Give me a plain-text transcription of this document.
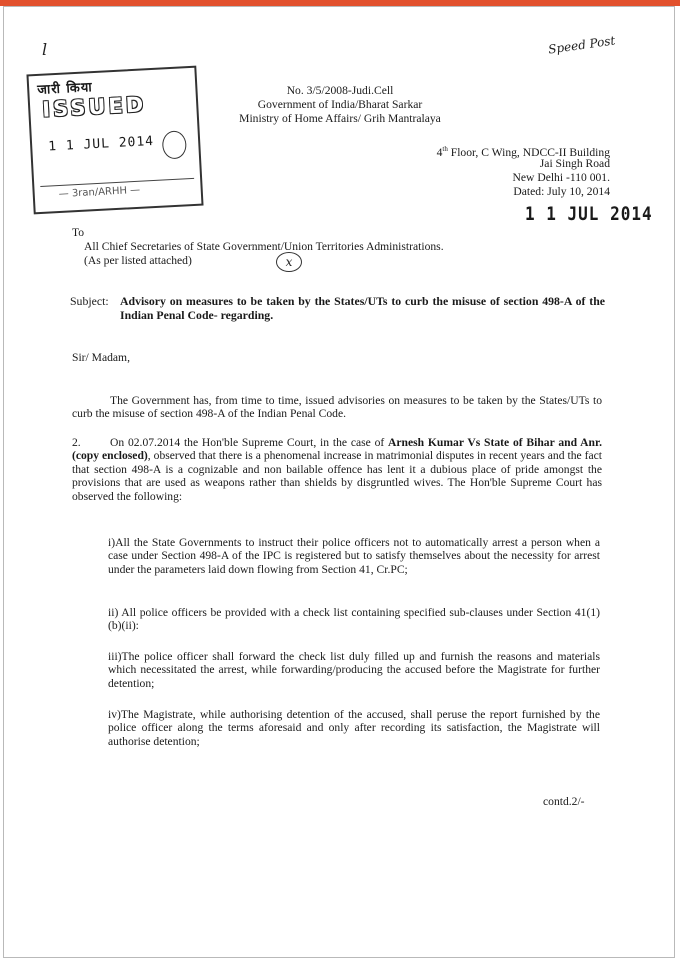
Speed Post
l
जारी किया
ISSUED
1 1 JUL 2014
— 3ran/ARHH —
No. 3/5/2008-Judi.Cell
Government of India/Bharat Sarkar
Ministry of Home Affairs/ Grih Mantralaya
4th Floor, C Wing, NDCC-II Building
Jai Singh Road
New Delhi -110 001.
Dated: July 10, 2014
1 1 JUL 2014
To
All Chief Secretaries of State Government/Union Territories Administrations.
(As per listed attached)	x
Subject: Advisory on measures to be taken by the States/UTs to curb the misuse of section 498-A of the Indian Penal Code- regarding.
Sir/ Madam,
The Government has, from time to time, issued advisories on measures to be taken by the States/UTs to curb the misuse of section 498-A of the Indian Penal Code.
2.	On 02.07.2014 the Hon'ble Supreme Court, in the case of Arnesh Kumar Vs State of Bihar and Anr. (copy enclosed), observed that there is a phenomenal increase in matrimonial disputes in recent years and the fact that section 498-A is a cognizable and non bailable offence has lent it a dubious place of pride amongst the provisions that are used as weapons rather than shields by disgruntled wives. The Hon'ble Supreme Court has observed the following:
i)All the State Governments to instruct their police officers not to automatically arrest a person when a case under Section 498-A of the IPC is registered but to satisfy themselves about the necessity for arrest under the parameters laid down flowing from Section 41, Cr.PC;
ii) All police officers be provided with a check list containing specified sub-clauses under Section 41(1)(b)(ii):
iii)The police officer shall forward the check list duly filled up and furnish the reasons and materials which necessitated the arrest, while forwarding/producing the accused before the Magistrate for further detention;
iv)The Magistrate, while authorising detention of the accused, shall peruse the report furnished by the police officer along the terms aforesaid and only after recording its satisfaction, the Magistrate will authorise detention;
contd.2/-
